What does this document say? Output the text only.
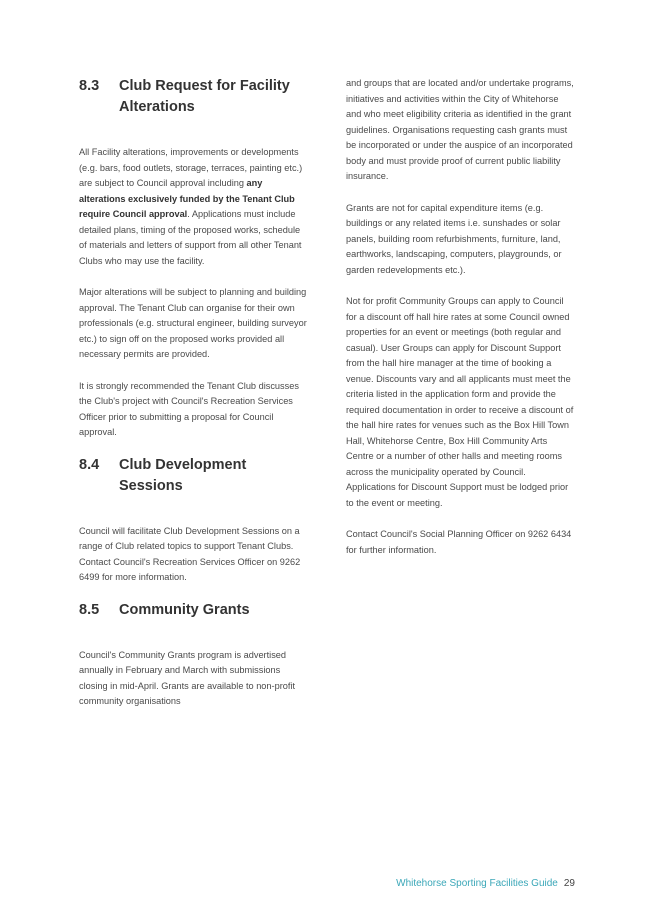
8.3	Club Request for Facility Alterations

All Facility alterations, improvements or developments (e.g. bars, food outlets, storage, terraces, painting etc.) are subject to Council approval including any alterations exclusively funded by the Tenant Club require Council approval. Applications must include detailed plans, timing of the proposed works, schedule of materials and letters of support from all other Tenant Clubs who may use the facility.

Major alterations will be subject to planning and building approval. The Tenant Club can organise for their own professionals (e.g. structural engineer, building surveyor etc.) to sign off on the proposed works provided all necessary permits are provided.

It is strongly recommended the Tenant Club discusses the Club's project with Council's Recreation Services Officer prior to submitting a proposal for Council approval.

8.4	Club Development Sessions

Council will facilitate Club Development Sessions on a range of Club related topics to support Tenant Clubs. Contact Council's Recreation Services Officer on 9262 6499 for more information.

8.5	Community Grants

Council's Community Grants program is advertised annually in February and March with submissions closing in mid-April. Grants are available to non-profit community organisations

and groups that are located and/or undertake programs, initiatives and activities within the City of Whitehorse and who meet eligibility criteria as identified in the grant guidelines. Organisations requesting cash grants must be incorporated or under the auspice of an incorporated body and must provide proof of current public liability insurance.

Grants are not for capital expenditure items (e.g. buildings or any related items i.e. sunshades or solar panels, building room refurbishments, furniture, land, earthworks, landscaping, computers, playgrounds, or garden redevelopments etc.).

Not for profit Community Groups can apply to Council for a discount off hall hire rates at some Council owned properties for an event or meetings (both regular and casual). User Groups can apply for Discount Support from the hall hire manager at the time of booking a venue. Discounts vary and all applicants must meet the criteria listed in the application form and provide the required documentation in order to receive a discount of the hall hire rates for venues such as the Box Hill Town Hall, Whitehorse Centre, Box Hill Community Arts Centre or a number of other halls and meeting rooms across the municipality operated by Council. Applications for Discount Support must be lodged prior to the event or meeting.

Contact Council's Social Planning Officer on 9262 6434 for further information.

Whitehorse Sporting Facilities Guide 29
